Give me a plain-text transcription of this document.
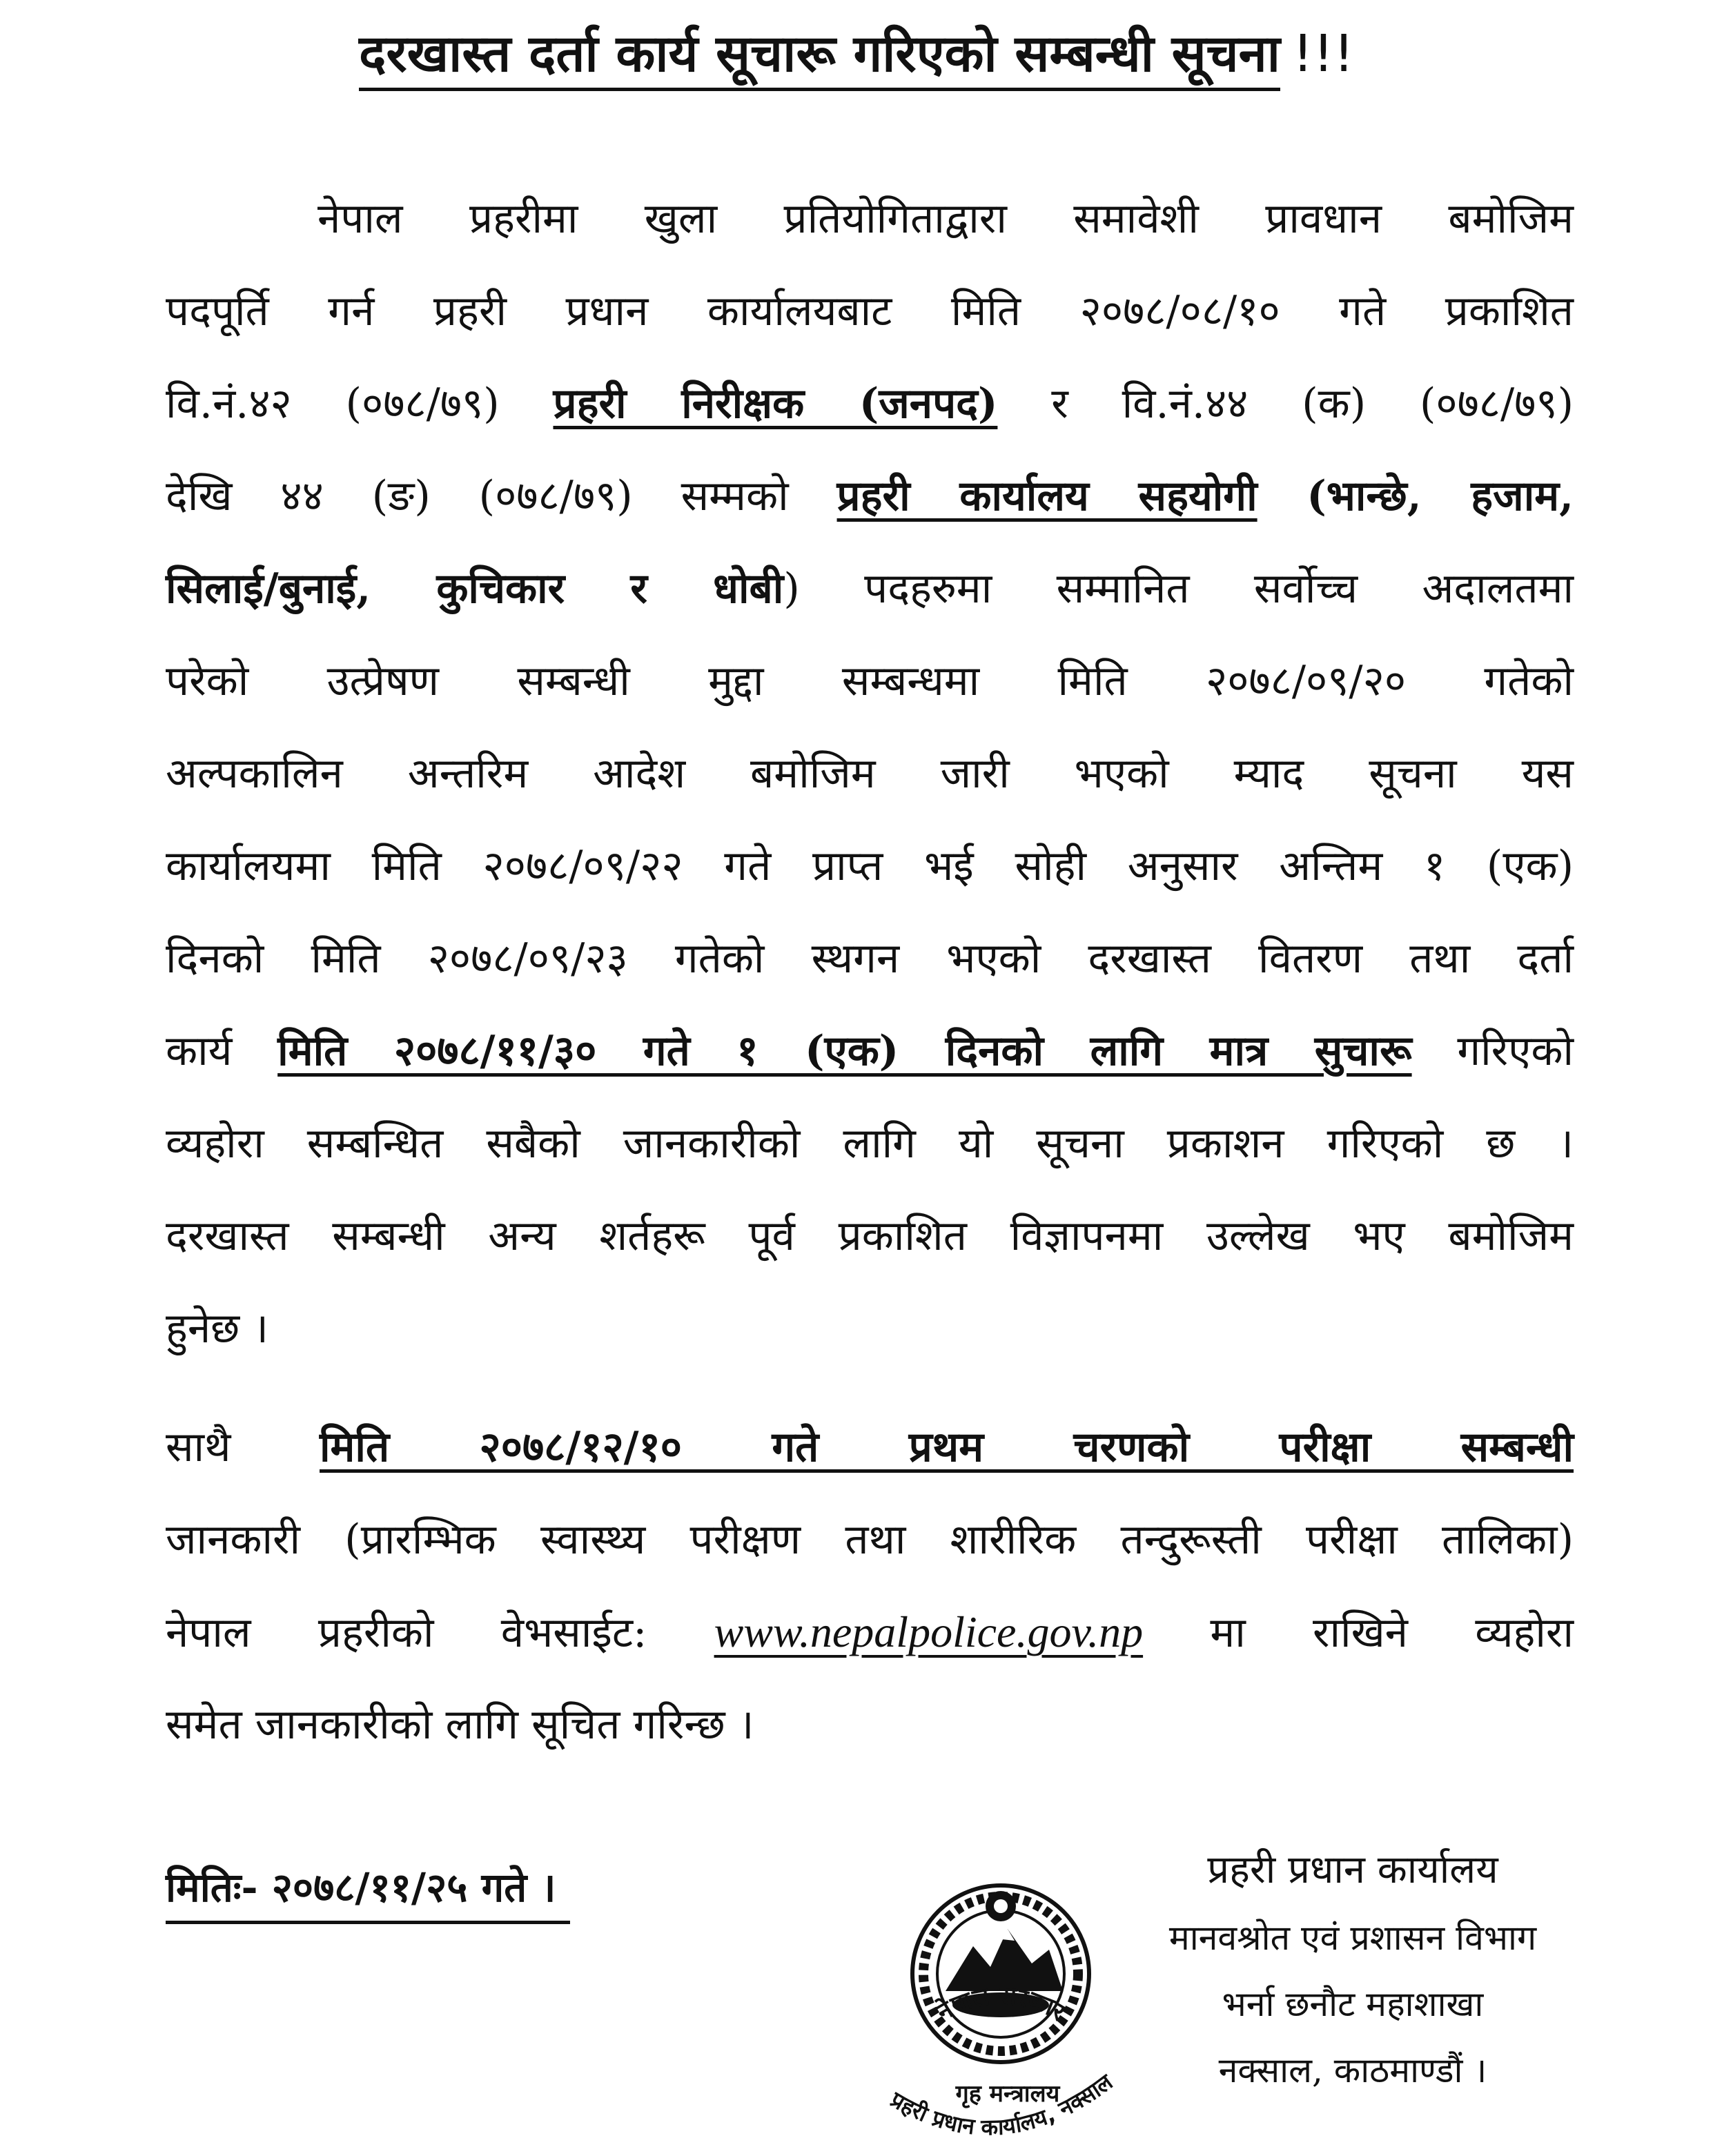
दरखास्त दर्ता कार्य सूचारू गरिएको सम्बन्धी सूचना !!!
नेपाल प्रहरीमा खुला प्रतियोगिताद्वारा समावेशी प्रावधान बमोजिम
पदपूर्ति गर्न प्रहरी प्रधान कार्यालयबाट मिति २०७८/०८/१० गते प्रकाशित
वि.नं.४२ (०७८/७९) प्रहरी निरीक्षक (जनपद) र वि.नं.४४ (क) (०७८/७९)
देखि ४४ (ङ) (०७८/७९) सम्मको प्रहरी कार्यालय सहयोगी (भान्छे, हजाम,
सिलाई/बुनाई, कुचिकार र धोबी) पदहरुमा सम्मानित सर्वोच्च अदालतमा
परेको उत्प्रेषण सम्बन्धी मुद्दा सम्बन्धमा मिति २०७८/०९/२० गतेको
अल्पकालिन अन्तरिम आदेश बमोजिम जारी भएको म्याद सूचना यस
कार्यालयमा मिति २०७८/०९/२२ गते प्राप्त भई सोही अनुसार अन्तिम १ (एक)
दिनको मिति २०७८/०९/२३ गतेको स्थगन भएको दरखास्त वितरण तथा दर्ता
कार्य मिति २०७८/११/३० गते १ (एक) दिनको लागि मात्र सुचारू गरिएको
व्यहोरा सम्बन्धित सबैको जानकारीको लागि यो सूचना प्रकाशन गरिएको छ ।
दरखास्त सम्बन्धी अन्य शर्तहरू पूर्व प्रकाशित विज्ञापनमा उल्लेख भए बमोजिम
हुनेछ ।
साथै मिति २०७८/१२/१० गते प्रथम चरणको परीक्षा सम्बन्धी
जानकारी (प्रारम्भिक स्वास्थ्य परीक्षण तथा शारीरिक तन्दुरूस्ती परीक्षा तालिका)
नेपाल प्रहरीको वेभसाईट: www.nepalpolice.gov.np मा राखिने व्यहोरा
समेत जानकारीको लागि सूचित गरिन्छ ।
मितिः- २०७८/११/२५ गते ।
नेपाल सरकार
गृह मन्त्रालय
प्रहरी प्रधान कार्यालय, नक्साल
प्रहरी प्रधान कार्यालय
मानवश्रोत एवं प्रशासन विभाग
भर्ना छनौट महाशाखा
नक्साल, काठमाण्डौं ।
